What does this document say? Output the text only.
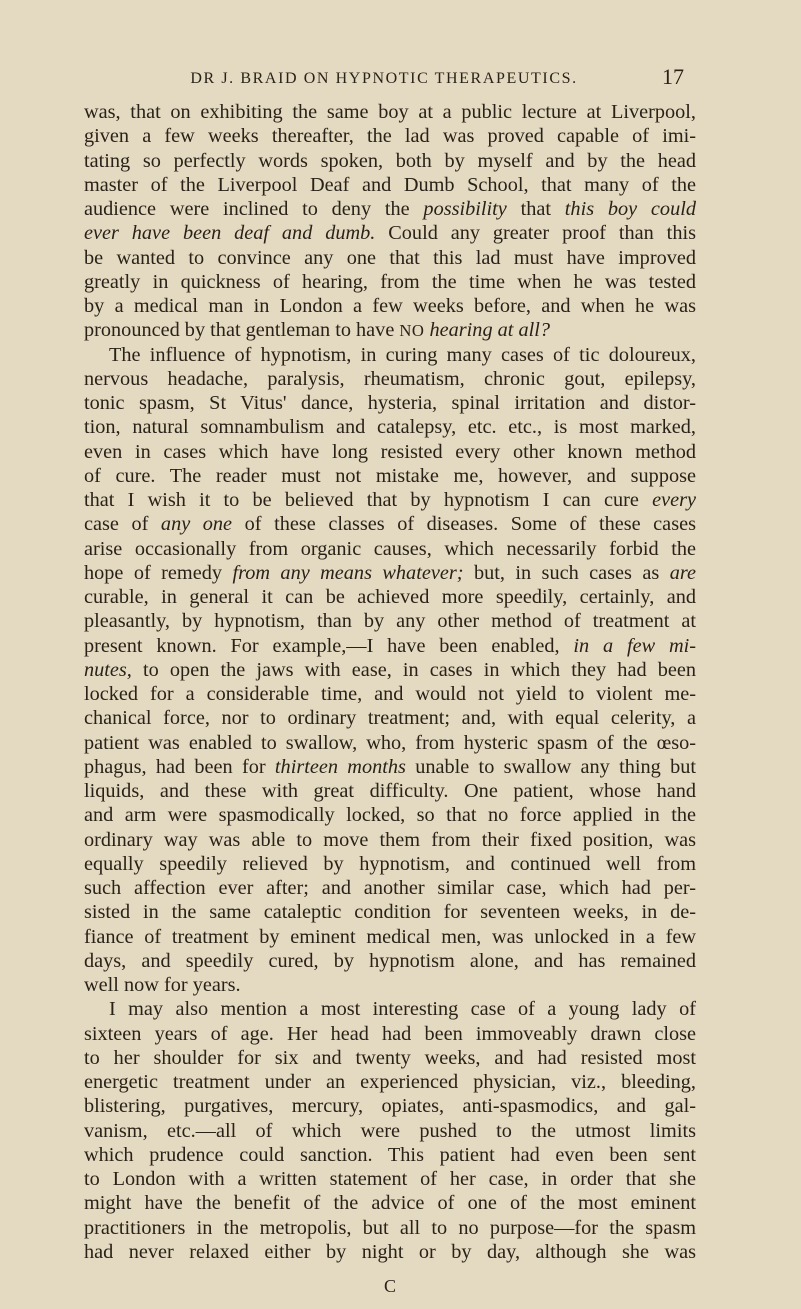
DR J. BRAID ON HYPNOTIC THERAPEUTICS.	17
was, that on exhibiting the same boy at a public lecture at Liverpool,
given a few weeks thereafter, the lad was proved capable of imi-
tating so perfectly words spoken, both by myself and by the head
master of the Liverpool Deaf and Dumb School, that many of the
audience were inclined to deny the possibility that this boy could
ever have been deaf and dumb. Could any greater proof than this
be wanted to convince any one that this lad must have improved
greatly in quickness of hearing, from the time when he was tested
by a medical man in London a few weeks before, and when he was
pronounced by that gentleman to have NO hearing at all?
The influence of hypnotism, in curing many cases of tic doloureux,
nervous headache, paralysis, rheumatism, chronic gout, epilepsy,
tonic spasm, St Vitus' dance, hysteria, spinal irritation and distor-
tion, natural somnambulism and catalepsy, etc. etc., is most marked,
even in cases which have long resisted every other known method
of cure. The reader must not mistake me, however, and suppose
that I wish it to be believed that by hypnotism I can cure every
case of any one of these classes of diseases. Some of these cases
arise occasionally from organic causes, which necessarily forbid the
hope of remedy from any means whatever; but, in such cases as are
curable, in general it can be achieved more speedily, certainly, and
pleasantly, by hypnotism, than by any other method of treatment at
present known. For example,—I have been enabled, in a few mi-
nutes, to open the jaws with ease, in cases in which they had been
locked for a considerable time, and would not yield to violent me-
chanical force, nor to ordinary treatment; and, with equal celerity, a
patient was enabled to swallow, who, from hysteric spasm of the œso-
phagus, had been for thirteen months unable to swallow any thing but
liquids, and these with great difficulty. One patient, whose hand
and arm were spasmodically locked, so that no force applied in the
ordinary way was able to move them from their fixed position, was
equally speedily relieved by hypnotism, and continued well from
such affection ever after; and another similar case, which had per-
sisted in the same cataleptic condition for seventeen weeks, in de-
fiance of treatment by eminent medical men, was unlocked in a few
days, and speedily cured, by hypnotism alone, and has remained
well now for years.
I may also mention a most interesting case of a young lady of
sixteen years of age. Her head had been immoveably drawn close
to her shoulder for six and twenty weeks, and had resisted most
energetic treatment under an experienced physician, viz., bleeding,
blistering, purgatives, mercury, opiates, anti-spasmodics, and gal-
vanism, etc.—all of which were pushed to the utmost limits
which prudence could sanction. This patient had even been sent
to London with a written statement of her case, in order that she
might have the benefit of the advice of one of the most eminent
practitioners in the metropolis, but all to no purpose—for the spasm
had never relaxed either by night or by day, although she was
C
